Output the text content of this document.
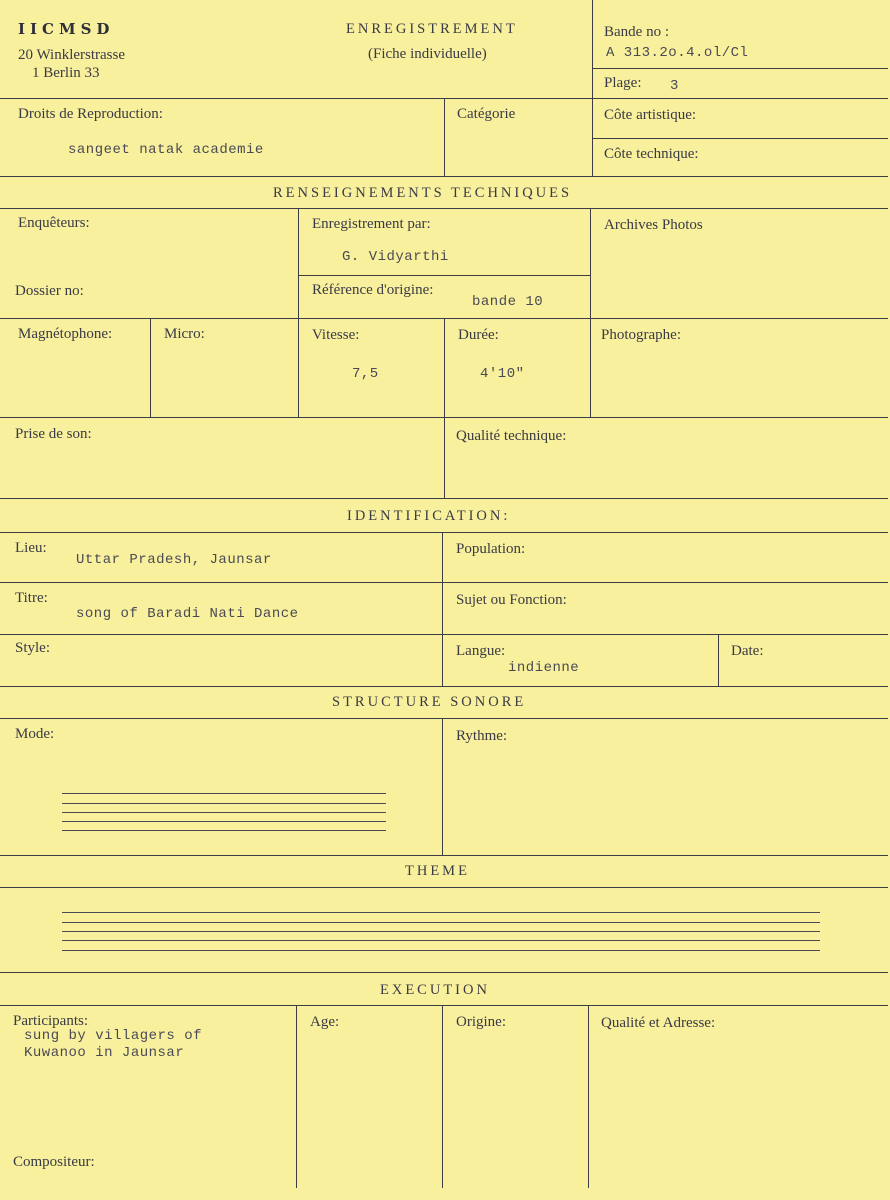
IICMSD
20 Winklerstrasse
1 Berlin 33
ENREGISTREMENT
(Fiche individuelle)
Bande no :
A 313.2o.4.ol/Cl
Plage: 3
Droits de Reproduction:
sangeet natak academie
Catégorie	Côte artistique:
Côte technique:
RENSEIGNEMENTS TECHNIQUES
Enquêteurs:	Enregistrement par:
G. Vidyarthi
Archives Photos
Dossier no:	Référence d'origine:
bande 10
Magnétophone:	Micro:	Vitesse:
7,5
Durée:
4'10"
Photographe:
Prise de son:	Qualité technique:
IDENTIFICATION:
Lieu:
Uttar Pradesh, Jaunsar
Population:
Titre:
song of Baradi Nati Dance
Sujet ou Fonction:
Style:	Langue:
indienne
Date:
STRUCTURE SONORE
Mode:	Rythme:
THEME
EXECUTION
Participants:
sung by villagers of
Kuwanoo in Jaunsar
Age:	Origine:	Qualité et Adresse:
Compositeur:
